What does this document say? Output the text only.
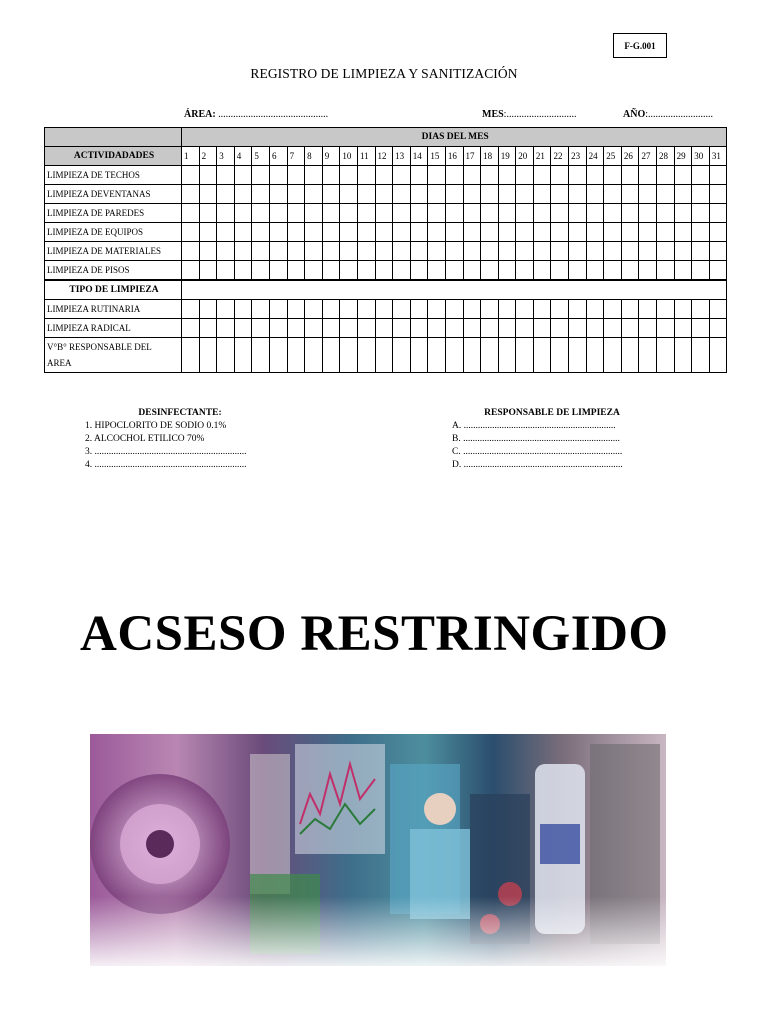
F-G.001
REGISTRO DE LIMPIEZA Y SANITIZACIÓN
ÁREA: ............................................	MES:............................	AÑO:..........................
	DIAS DEL MES																														
ACTIVIDADADES	1	2	3	4	5	6	7	8	9	10	11	12	13	14	15	16	17	18	19	20	21	22	23	24	25	26	27	28	29	30	31
LIMPIEZA DE TECHOS																															
LIMPIEZA DEVENTANAS																															
LIMPIEZA DE PAREDES																															
LIMPIEZA DE EQUIPOS																															
LIMPIEZA DE MATERIALES																															
LIMPIEZA DE PISOS																															
TIPO DE LIMPIEZA																															
LIMPIEZA RUTINARIA																															
LIMPIEZA RADICAL																															
V°B° RESPONSABLE DEL
AREA																															
DESINFECTANTE:
1. HIPOCLORITO DE SODIO 0.1%
2. ALCOCHOL ETILICO 70%
3. ................................................................
4. ................................................................
RESPONSABLE DE LIMPIEZA
A. ................................................................
B. ..................................................................
C. ...................................................................
D. ...................................................................
ACSESO RESTRINGIDO
